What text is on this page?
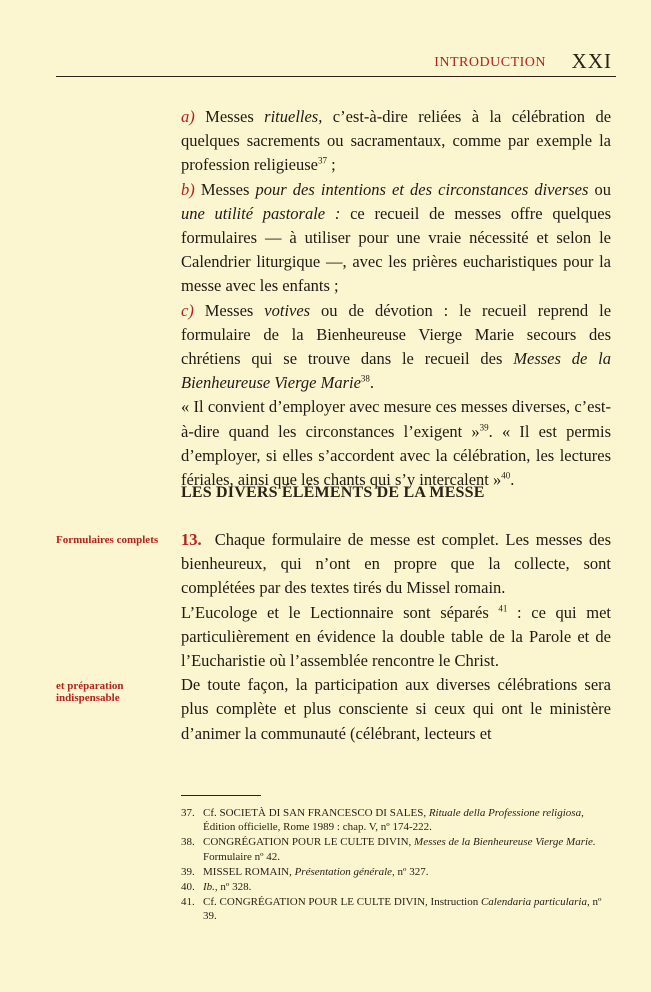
INTRODUCTION XXI

a) Messes rituelles, c’est-à-dire reliées à la célébration de quelques sacrements ou sacramentaux, comme par exemple la profession religieuse$^{37}$ ;

b) Messes pour des intentions et des circonstances diverses ou une utilité pastorale : ce recueil de messes offre quelques formulaires — à utiliser pour une vraie nécessité et selon le Calendrier liturgique —, avec les prières eucharistiques pour la messe avec les enfants ;

c) Messes votives ou de dévotion : le recueil reprend le formulaire de la Bienheureuse Vierge Marie secours des chrétiens qui se trouve dans le recueil des Messes de la Bienheureuse Vierge Marie$^{38}$.

« Il convient d’employer avec mesure ces messes diverses, c’est-à-dire quand les circonstances l’exigent »$^{39}$. « Il est permis d’employer, si elles s’accordent avec la célébration, les lectures fériales, ainsi que les chants qui s’y intercalent »$^{40}$.

LES DIVERS ÉLÉMENTS DE LA MESSE
Formulaires complets
et préparation indispensable

13. Chaque formulaire de messe est complet. Les messes des bienheureux, qui n’ont en propre que la collecte, sont complétées par des textes tirés du Missel romain.

L’Eucologe et le Lectionnaire sont séparés $^{41}$ : ce qui met particulièrement en évidence la double table de la Parole et de l’Eucharistie où l’assemblée rencontre le Christ.

De toute façon, la participation aux diverses célébrations sera plus complète et plus consciente si ceux qui ont le ministère d’animer la communauté (célébrant, lecteurs et

37. Cf. SOCIETÀ DI SAN FRANCESCO DI SALES, Rituale della Professione religiosa, Édition officielle, Rome 1989 : chap. V, nº 174-222.
38. CONGRÉGATION POUR LE CULTE DIVIN, Messes de la Bienheureuse Vierge Marie. Formulaire nº 42.
39. MISSEL ROMAIN, Présentation générale, nº 327.
40. Ib., nº 328.
41. Cf. CONGRÉGATION POUR LE CULTE DIVIN, Instruction Calendaria particularia, nº 39.
